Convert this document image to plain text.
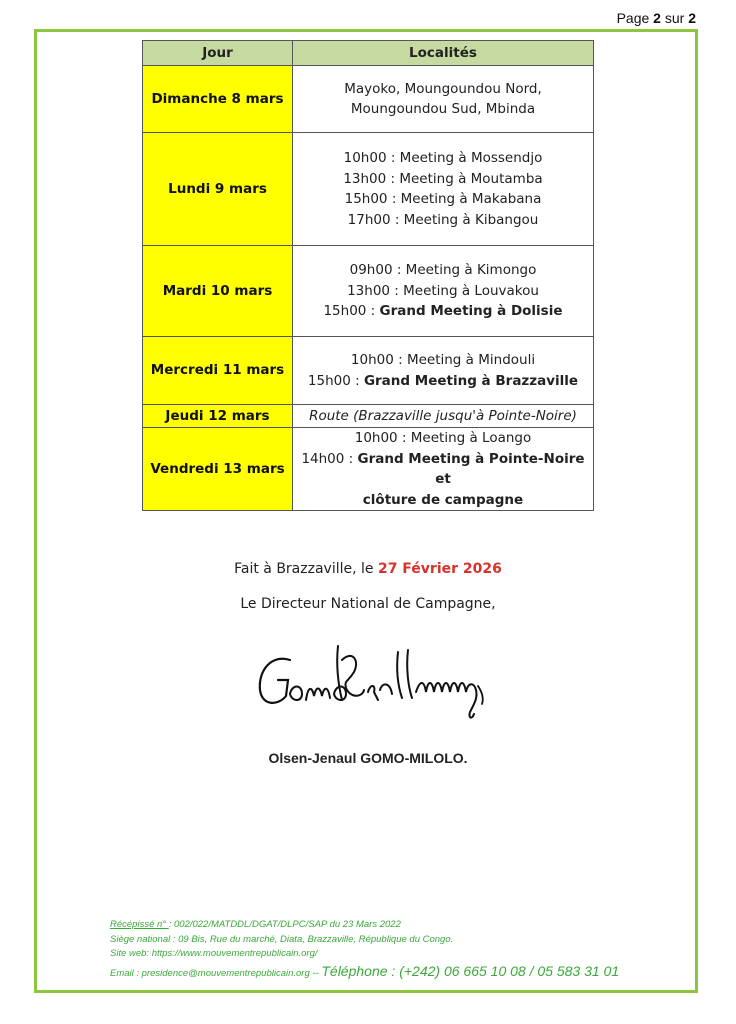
Page 2 sur 2
Jour	Localités
Dimanche 8 mars	Mayoko, Moungoundou Nord,
Moungoundou Sud, Mbinda

Lundi 9 mars	10h00 : Meeting à Mossendjo
13h00 : Meeting à Moutamba
15h00 : Meeting à Makabana
17h00 : Meeting à Kibangou

Mardi 10 mars	09h00 : Meeting à Kimongo
13h00 : Meeting à Louvakou
15h00 : Grand Meeting à Dolisie

Mercredi 11 mars	10h00 : Meeting à Mindouli
15h00 : Grand Meeting à Brazzaville

Jeudi 12 mars	Route (Brazzaville jusqu'à Pointe-Noire)

Vendredi 13 mars	10h00 : Meeting à Loango
14h00 : Grand Meeting à Pointe-Noire et
clôture de campagne
Fait à Brazzaville, le 27 Février 2026
Le Directeur National de Campagne,
Olsen-Jenaul GOMO-MILOLO.
Récépissé n° : 002/022/MATDDL/DGAT/DLPC/SAP du 23 Mars 2022
Siège national : 09 Bis, Rue du marché, Diata, Brazzaville, République du Congo.
Site web: https://www.mouvementrepublicain.org/
Email : presidence@mouvementrepublicain.org -- Téléphone : (+242) 06 665 10 08 / 05 583 31 01
